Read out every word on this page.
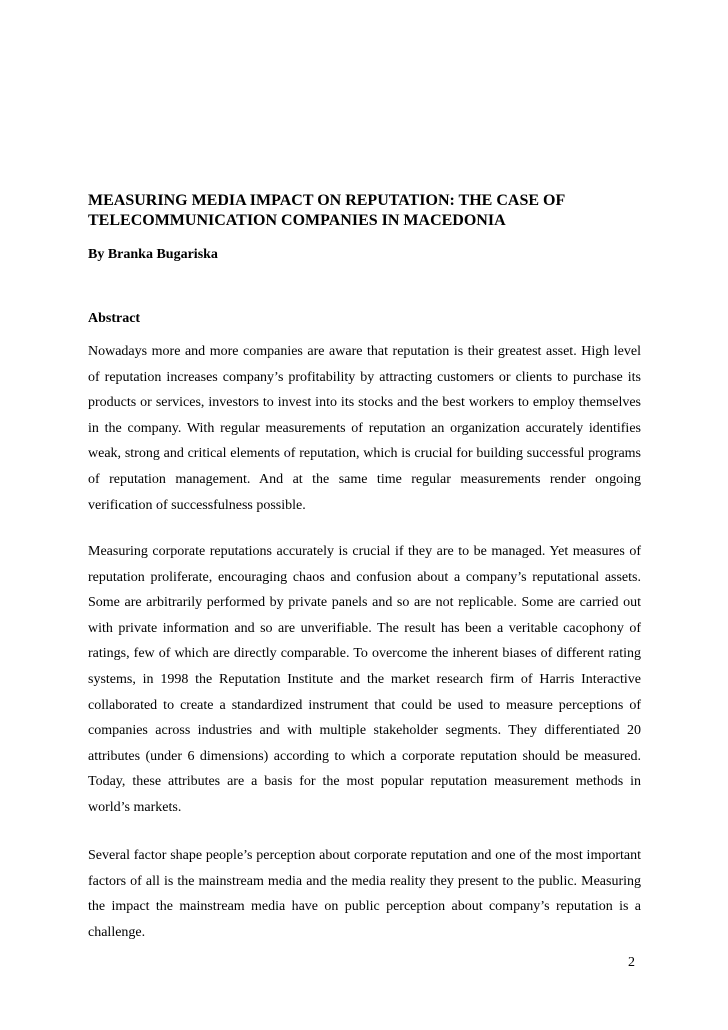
MEASURING MEDIA IMPACT ON REPUTATION: THE CASE OF TELECOMMUNICATION COMPANIES IN MACEDONIA

By Branka Bugariska

Abstract

Nowadays more and more companies are aware that reputation is their greatest asset. High level of reputation increases company’s profitability by attracting customers or clients to purchase its products or services, investors to invest into its stocks and the best workers to employ themselves in the company. With regular measurements of reputation an organization accurately identifies weak, strong and critical elements of reputation, which is crucial for building successful programs of reputation management. And at the same time regular measurements render ongoing verification of successfulness possible.

Measuring corporate reputations accurately is crucial if they are to be managed. Yet measures of reputation proliferate, encouraging chaos and confusion about a company’s reputational assets. Some are arbitrarily performed by private panels and so are not replicable. Some are carried out with private information and so are unverifiable. The result has been a veritable cacophony of ratings, few of which are directly comparable. To overcome the inherent biases of different rating systems, in 1998 the Reputation Institute and the market research firm of Harris Interactive collaborated to create a standardized instrument that could be used to measure perceptions of companies across industries and with multiple stakeholder segments. They differentiated 20 attributes (under 6 dimensions) according to which a corporate reputation should be measured. Today, these attributes are a basis for the most popular reputation measurement methods in world’s markets.

Several factor shape people’s perception about corporate reputation and one of the most important factors of all is the mainstream media and the media reality they present to the public. Measuring the impact the mainstream media have on public perception about company’s reputation is a challenge.

2
